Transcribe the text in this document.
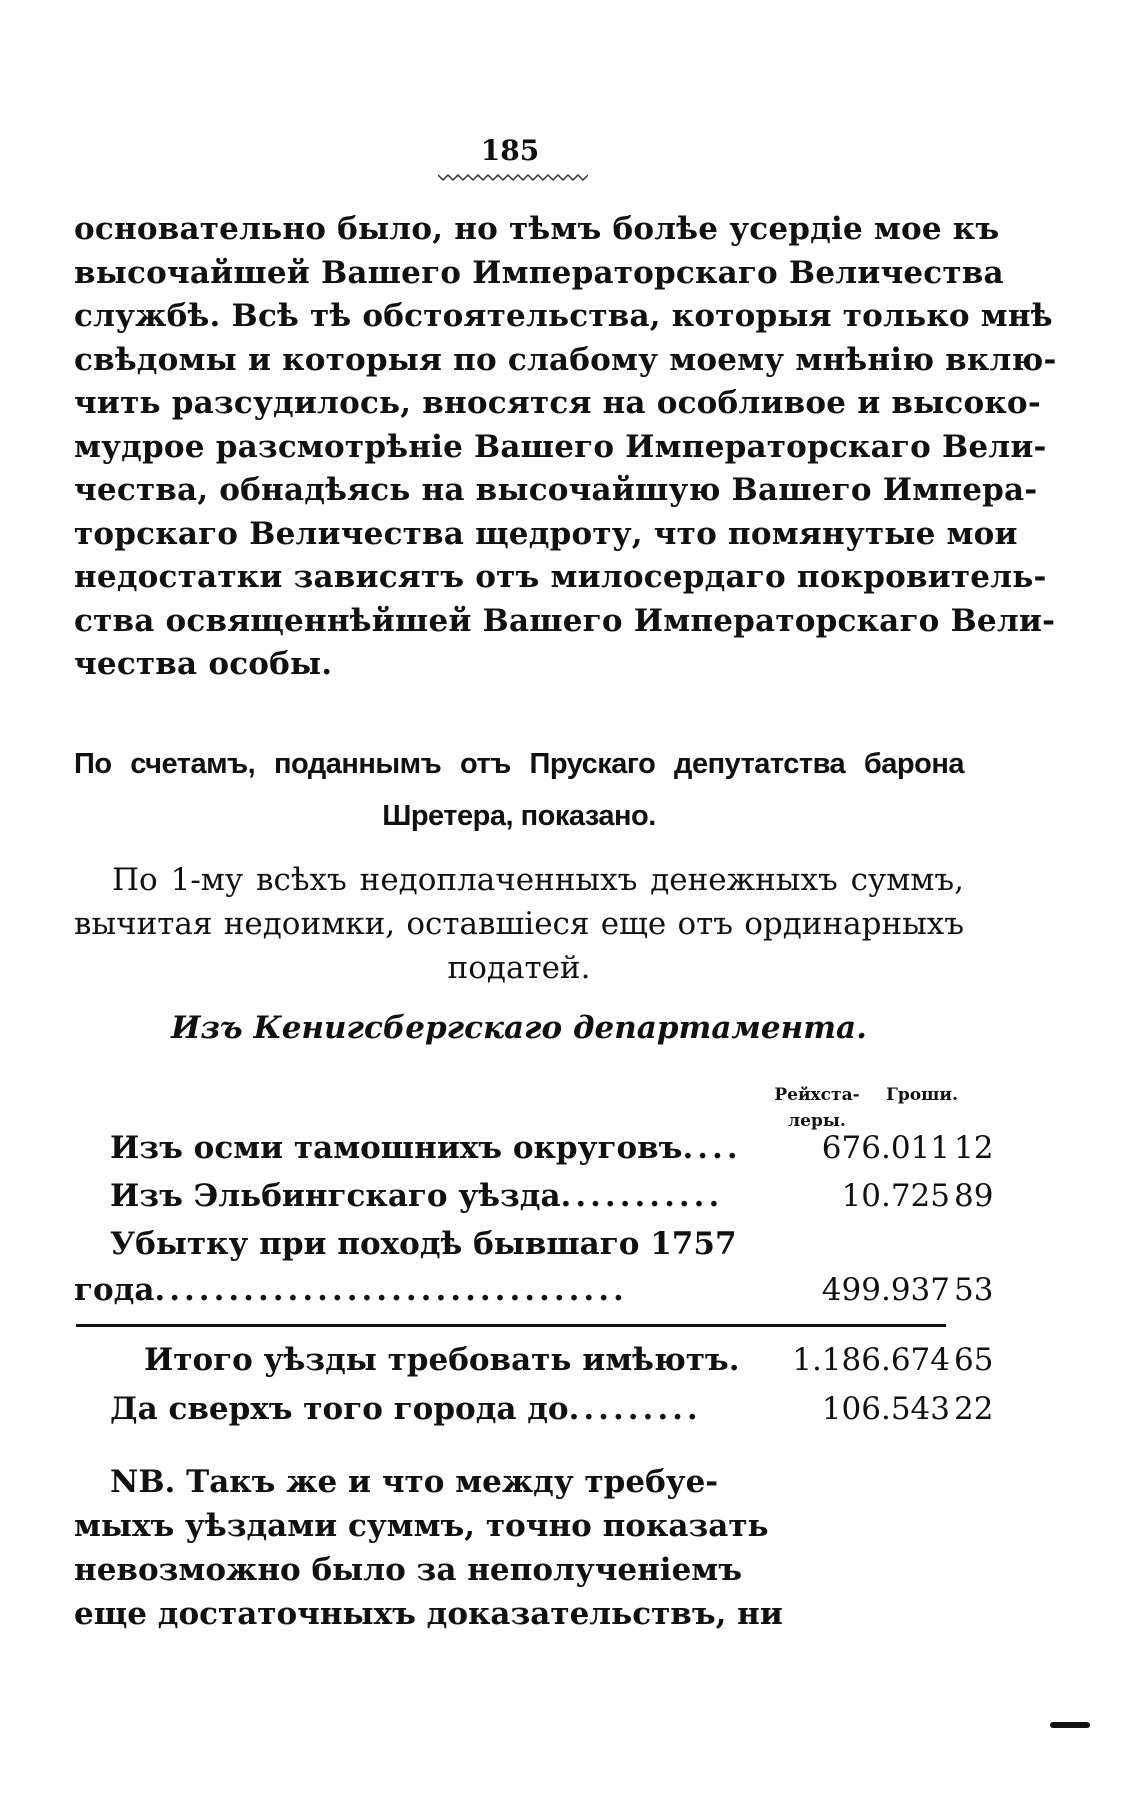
185
основательно было, но тѣмъ болѣе усердіе мое къ
высочайшей Вашего Императорскаго Величества
службѣ. Всѣ тѣ обстоятельства, которыя только мнѣ
свѣдомы и которыя по слабому моему мнѣнію вклю-
чить разсудилось, вносятся на особливое и высоко-
мудрое разсмотрѣніе Вашего Императорскаго Вели-
чества, обнадѣясь на высочайшую Вашего Импера-
торскаго Величества щедроту, что помянутые мои
недостатки зависятъ отъ милосердаго покровитель-
ства освященнѣйшей Вашего Императорскаго Вели-
чества особы.
По счетамъ, поданнымъ отъ Прускаго депутатства барона
Шретера, показано.
По 1-му всѣхъ недоплаченныхъ денежныхъ суммъ,
вычитая недоимки, оставшіеся еще отъ ординарныхъ
податей.
Изъ Кенигсбергскаго департамента.
Рейхста-
леры.
Гроши.
Изъ осми тамошнихъ округовъ....	676.011 12
Изъ Эльбингскаго уѣзда...........	10.725 89
Убытку при походѣ бывшаго 1757
года................................	499.937 53
Итого уѣзды требовать имѣютъ.	1.186.674 65
Да сверхъ того города до.........	106.543 22
NB. Такъ же и что между требуе-
мыхъ уѣздами суммъ, точно показать
невозможно было за неполученіемъ
еще достаточныхъ доказательствъ, ни
